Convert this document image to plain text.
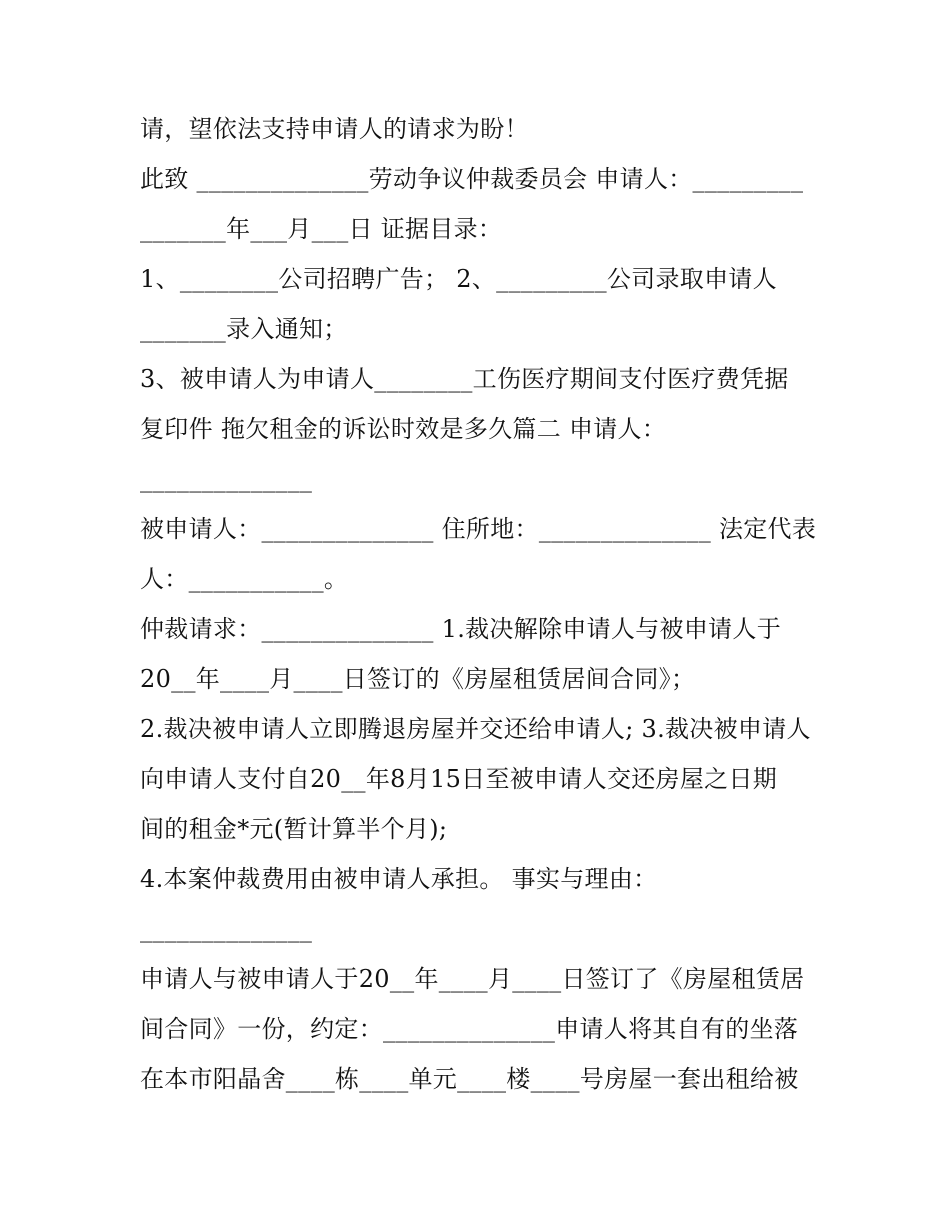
请，望依法支持申请人的请求为盼！
此致 ______________劳动争议仲裁委员会 申请人：_________
_______年___月___日 证据目录：
1、________公司招聘广告； 2、_________公司录取申请人
_______录入通知；
3、被申请人为申请人________工伤医疗期间支付医疗费凭据
复印件 拖欠租金的诉讼时效是多久篇二 申请人：
______________
被申请人：______________ 住所地：______________ 法定代表
人：___________。
仲裁请求：______________ 1.裁决解除申请人与被申请人于
20__年____月____日签订的《房屋租赁居间合同》；
2.裁决被申请人立即腾退房屋并交还给申请人; 3.裁决被申请人
向申请人支付自20__年8月15日至被申请人交还房屋之日期
间的租金*元(暂计算半个月);
4.本案仲裁费用由被申请人承担。 事实与理由：
______________
申请人与被申请人于20__年____月____日签订了《房屋租赁居
间合同》一份，约定：______________申请人将其自有的坐落
在本市阳晶舍____栋____单元____楼____号房屋一套出租给被
